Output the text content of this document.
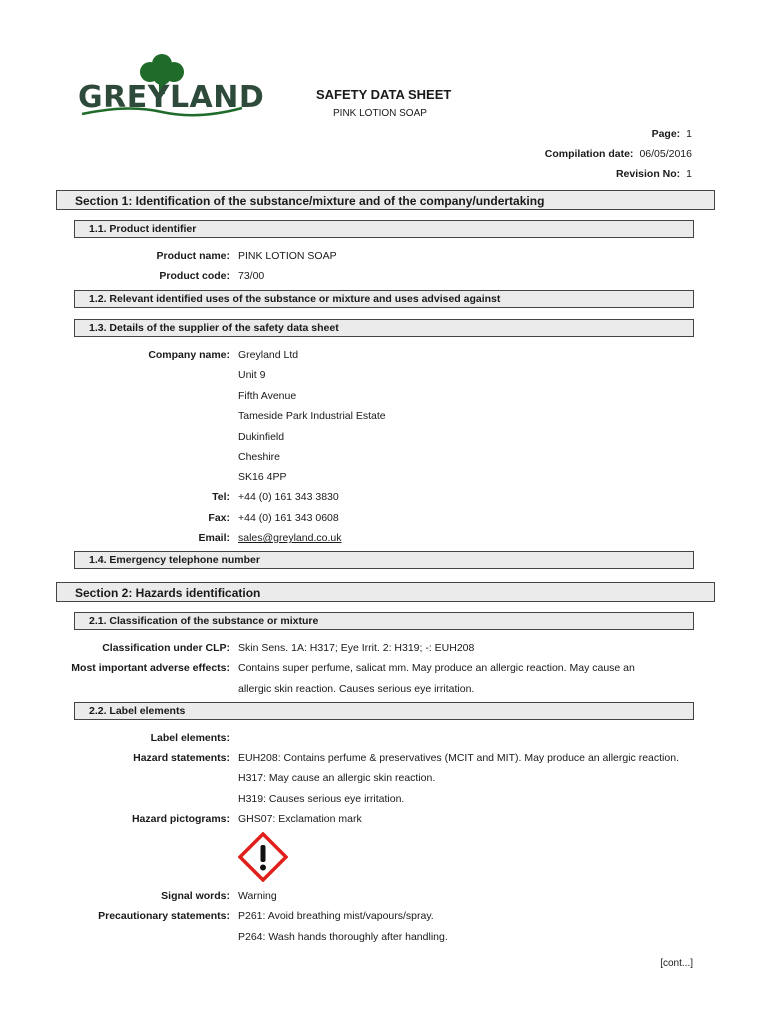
GREYLAND	SAFETY DATA SHEET
PINK LOTION SOAP
Page: 1
Compilation date: 06/05/2016
Revision No: 1
Section 1: Identification of the substance/mixture and of the company/undertaking
1.1. Product identifier
Product name: PINK LOTION SOAP
Product code: 73/00
1.2. Relevant identified uses of the substance or mixture and uses advised against
1.3. Details of the supplier of the safety data sheet
Company name: Greyland Ltd
Unit 9
Fifth Avenue
Tameside Park Industrial Estate
Dukinfield
Cheshire
SK16 4PP
Tel: +44 (0) 161 343 3830
Fax: +44 (0) 161 343 0608
Email: sales@greyland.co.uk
1.4. Emergency telephone number
Section 2: Hazards identification
2.1. Classification of the substance or mixture
Classification under CLP: Skin Sens. 1A: H317; Eye Irrit. 2: H319; -: EUH208
Most important adverse effects: Contains super perfume, salicat mm. May produce an allergic reaction. May cause an
allergic skin reaction. Causes serious eye irritation.
2.2. Label elements
Label elements:
Hazard statements: EUH208: Contains perfume & preservatives (MCIT and MIT). May produce an allergic reaction.
H317: May cause an allergic skin reaction.
H319: Causes serious eye irritation.
Hazard pictograms: GHS07: Exclamation mark
Signal words: Warning
Precautionary statements: P261: Avoid breathing mist/vapours/spray.
P264: Wash hands thoroughly after handling.
[cont...]
